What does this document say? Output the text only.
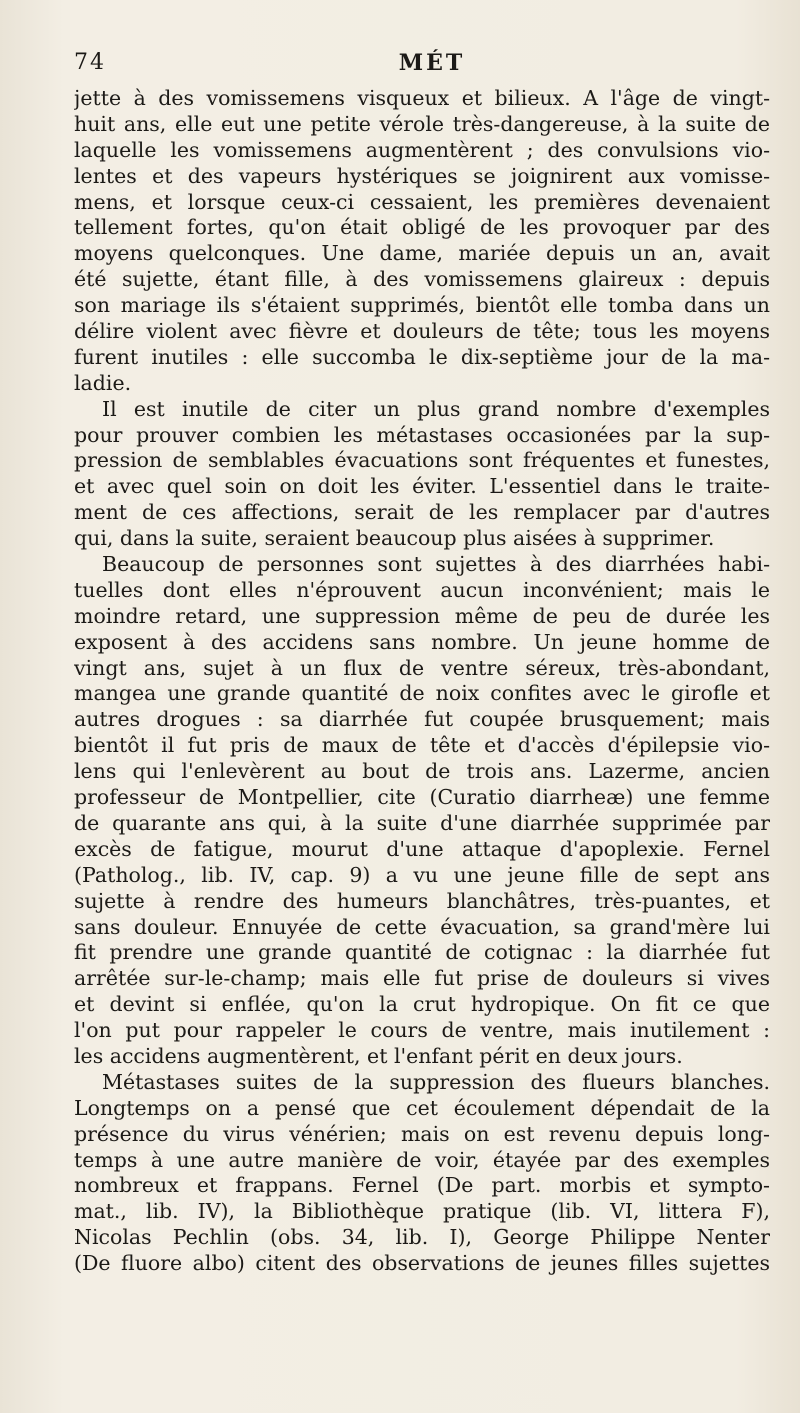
74	MÉT

jette à des vomissemens visqueux et bilieux. A l'âge de vingt-
huit ans, elle eut une petite vérole très-dangereuse, à la suite de
laquelle les vomissemens augmentèrent ; des convulsions vio-
lentes et des vapeurs hystériques se joignirent aux vomisse-
mens, et lorsque ceux-ci cessaient, les premières devenaient
tellement fortes, qu'on était obligé de les provoquer par des
moyens quelconques. Une dame, mariée depuis un an, avait
été sujette, étant fille, à des vomissemens glaireux : depuis
son mariage ils s'étaient supprimés, bientôt elle tomba dans un
délire violent avec fièvre et douleurs de tête; tous les moyens
furent inutiles : elle succomba le dix-septième jour de la ma-
ladie.

Il est inutile de citer un plus grand nombre d'exemples
pour prouver combien les métastases occasionées par la sup-
pression de semblables évacuations sont fréquentes et funestes,
et avec quel soin on doit les éviter. L'essentiel dans le traite-
ment de ces affections, serait de les remplacer par d'autres
qui, dans la suite, seraient beaucoup plus aisées à supprimer.

Beaucoup de personnes sont sujettes à des diarrhées habi-
tuelles dont elles n'éprouvent aucun inconvénient; mais le
moindre retard, une suppression même de peu de durée les
exposent à des accidens sans nombre. Un jeune homme de
vingt ans, sujet à un flux de ventre séreux, très-abondant,
mangea une grande quantité de noix confites avec le girofle et
autres drogues : sa diarrhée fut coupée brusquement; mais
bientôt il fut pris de maux de tête et d'accès d'épilepsie vio-
lens qui l'enlevèrent au bout de trois ans. Lazerme, ancien
professeur de Montpellier, cite (Curatio diarrheæ) une femme
de quarante ans qui, à la suite d'une diarrhée supprimée par
excès de fatigue, mourut d'une attaque d'apoplexie. Fernel
(Patholog., lib. IV, cap. 9) a vu une jeune fille de sept ans
sujette à rendre des humeurs blanchâtres, très-puantes, et
sans douleur. Ennuyée de cette évacuation, sa grand'mère lui
fit prendre une grande quantité de cotignac : la diarrhée fut
arrêtée sur-le-champ; mais elle fut prise de douleurs si vives
et devint si enflée, qu'on la crut hydropique. On fit ce que
l'on put pour rappeler le cours de ventre, mais inutilement :
les accidens augmentèrent, et l'enfant périt en deux jours.

Métastases suites de la suppression des flueurs blanches.
Longtemps on a pensé que cet écoulement dépendait de la
présence du virus vénérien; mais on est revenu depuis long-
temps à une autre manière de voir, étayée par des exemples
nombreux et frappans. Fernel (De part. morbis et sympto-
mat., lib. IV), la Bibliothèque pratique (lib. VI, littera F),
Nicolas Pechlin (obs. 34, lib. I), George Philippe Nenter
(De fluore albo) citent des observations de jeunes filles sujettes
